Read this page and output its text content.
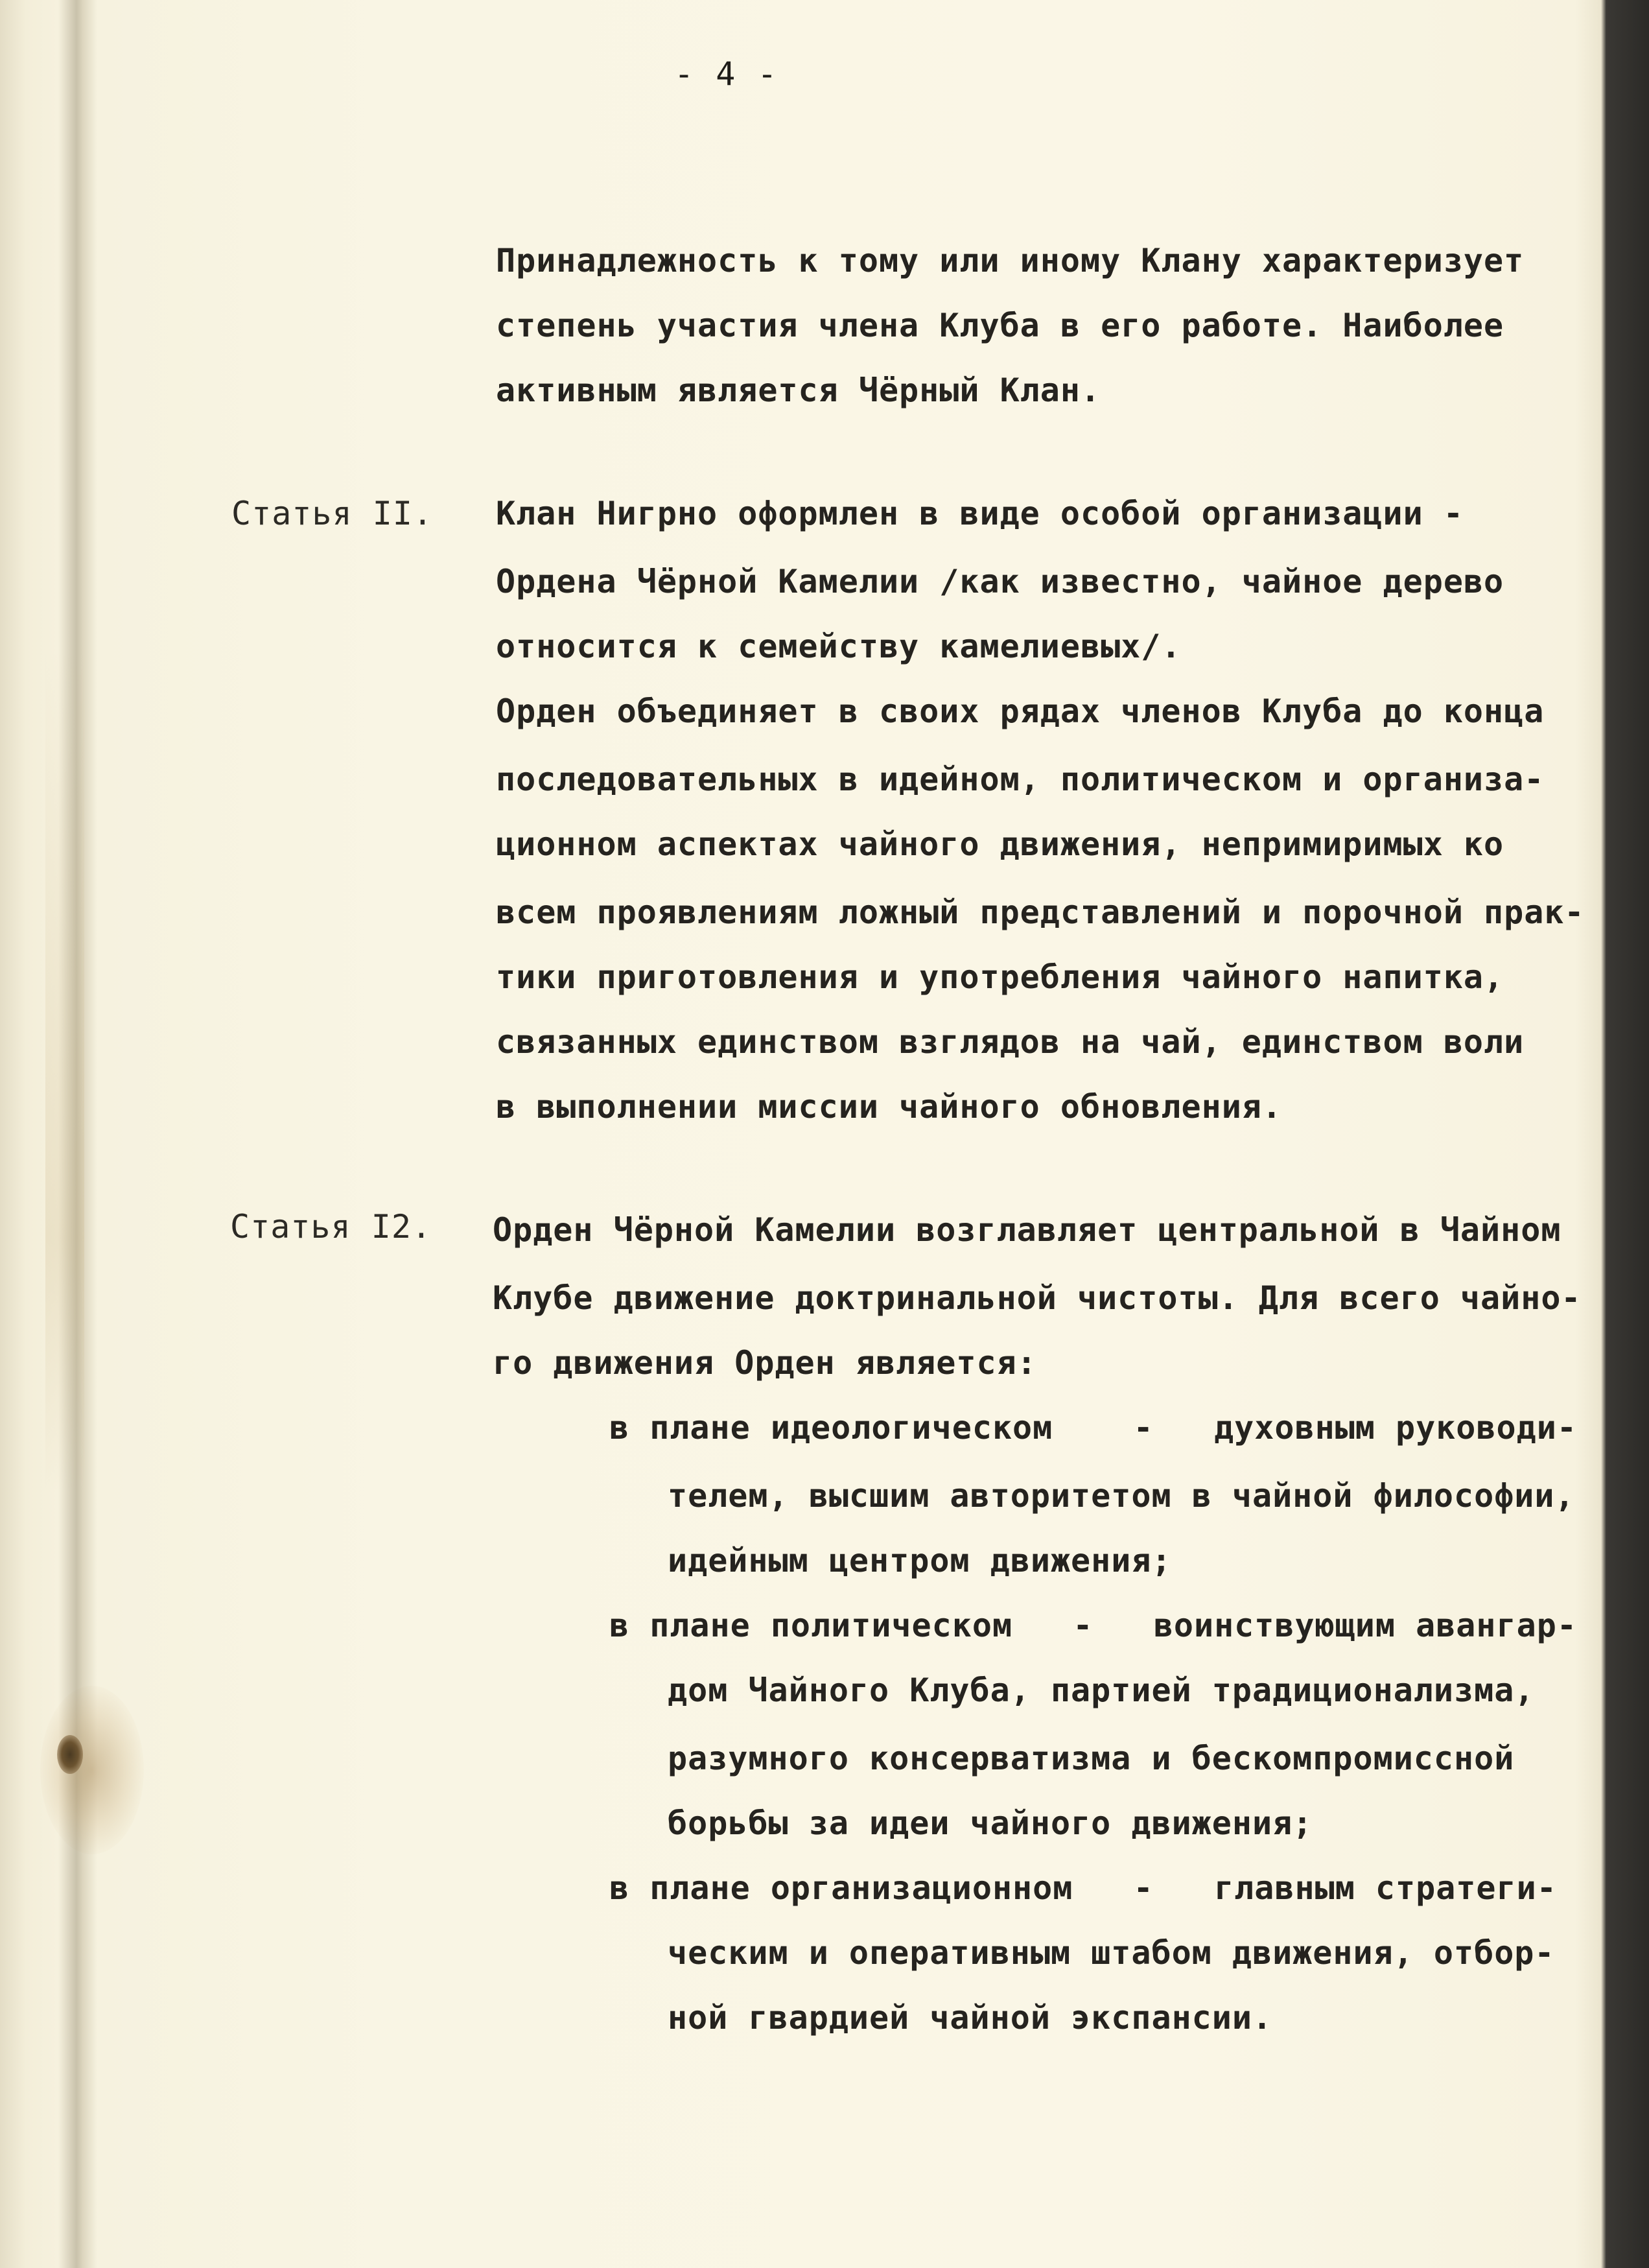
- 4 -
Принадлежность к тому или иному Клану характеризует
степень участия члена Клуба в его работе. Наиболее
активным является Чёрный Клан.
Статья II. Клан Нигрно оформлен в виде особой организации -
Ордена Чёрной Камелии /как известно, чайное дерево
относится к семейству камелиевых/.
Орден объединяет в своих рядах членов Клуба до конца
последовательных в идейном, политическом и организа-
ционном аспектах чайного движения, непримиримых ко
всем проявлениям ложный представлений и порочной прак-
тики приготовления и употребления чайного напитка,
связанных единством взглядов на чай, единством воли
в выполнении миссии чайного обновления.
Статья I2. Орден Чёрной Камелии возглавляет центральной в Чайном
Клубе движение доктринальной чистоты. Для всего чайно-
го движения Орден является:
в плане идеологическом    -   духовным руководи-
телем, высшим авторитетом в чайной философии,
идейным центром движения;
в плане политическом   -   воинствующим авангар-
дом Чайного Клуба, партией традиционализма,
разумного консерватизма и бескомпромиссной
борьбы за идеи чайного движения;
в плане организационном   -   главным стратеги-
ческим и оперативным штабом движения, отбор-
ной гвардией чайной экспансии.
